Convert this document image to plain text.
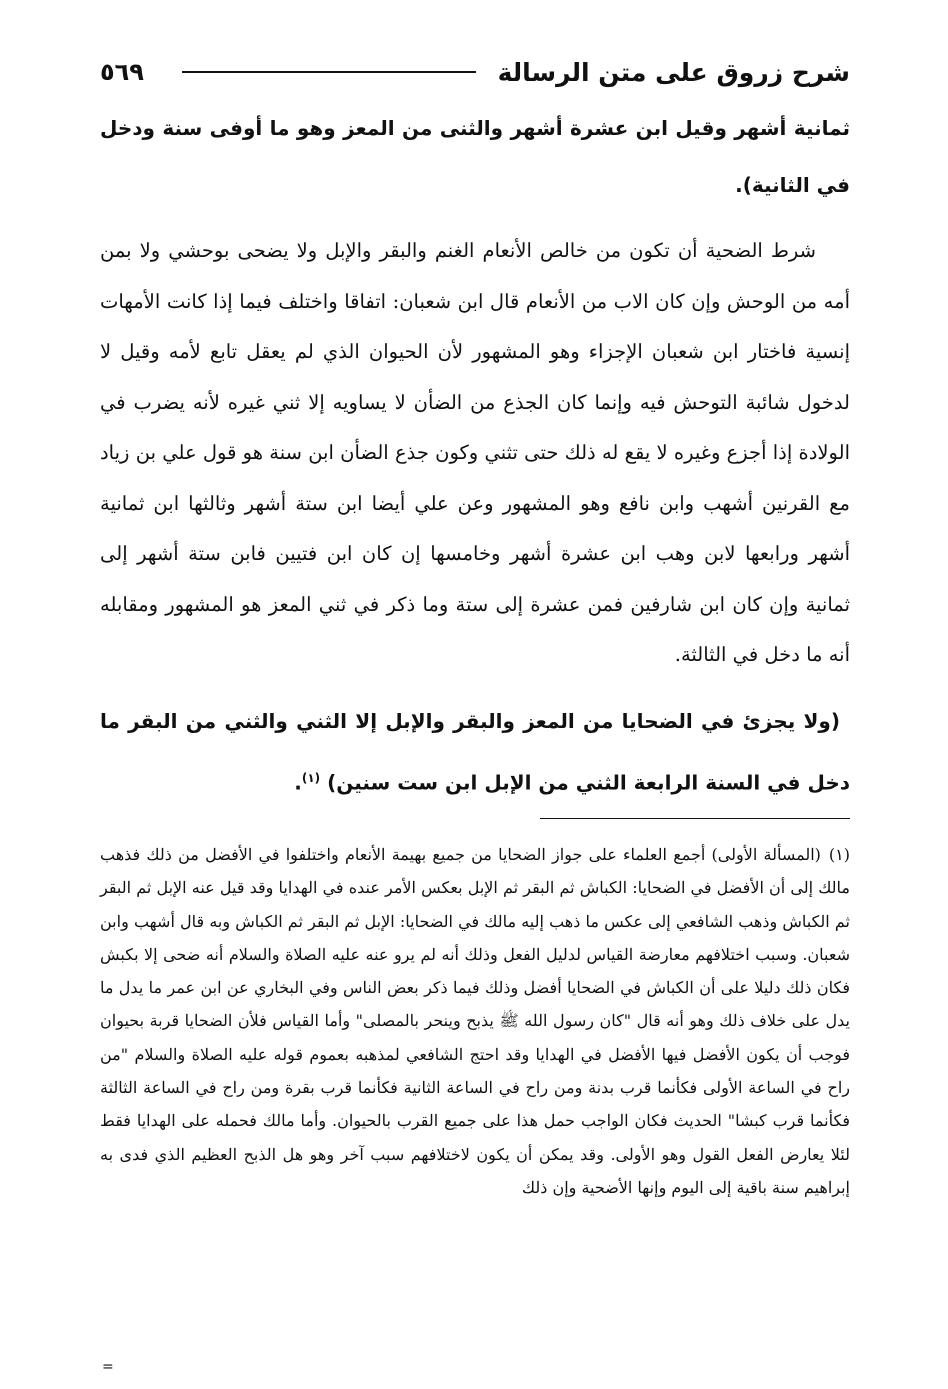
شرح زروق على متن الرسالة
٥٦٩

ثمانية أشهر وقيل ابن عشرة أشهر والثنى من المعز وهو ما أوفى سنة ودخل في الثانية).

شرط الضحية أن تكون من خالص الأنعام الغنم والبقر والإبل ولا يضحى بوحشي ولا بمن أمه من الوحش وإن كان الاب من الأنعام قال ابن شعبان: اتفاقا واختلف فيما إذا كانت الأمهات إنسية فاختار ابن شعبان الإجزاء وهو المشهور لأن الحيوان الذي لم يعقل تابع لأمه وقيل لا لدخول شائبة التوحش فيه وإنما كان الجذع من الضأن لا يساويه إلا ثني غيره لأنه يضرب في الولادة إذا أجزع وغيره لا يقع له ذلك حتى تثني وكون جذع الضأن ابن سنة هو قول علي بن زياد مع القرنين أشهب وابن نافع وهو المشهور وعن علي أيضا ابن ستة أشهر وثالثها ابن ثمانية أشهر ورابعها لابن وهب ابن عشرة أشهر وخامسها إن كان ابن فتيين فابن ستة أشهر إلى ثمانية وإن كان ابن شارفين فمن عشرة إلى ستة وما ذكر في ثني المعز هو المشهور ومقابله أنه ما دخل في الثالثة.

(ولا يجزئ في الضحايا من المعز والبقر والإبل إلا الثني والثني من البقر ما دخل في السنة الرابعة الثني من الإبل ابن ست سنين) $^{(١)}$.

(١)(المسألة الأولى) أجمع العلماء على جواز الضحايا من جميع بهيمة الأنعام واختلفوا في الأفضل من ذلك فذهب مالك إلى أن الأفضل في الضحايا: الكباش ثم البقر ثم الإبل بعكس الأمر عنده في الهدايا وقد قيل عنه الإبل ثم البقر ثم الكباش وذهب الشافعي إلى عكس ما ذهب إليه مالك في الضحايا: الإبل ثم البقر ثم الكباش وبه قال أشهب وابن شعبان. وسبب اختلافهم معارضة القياس لدليل الفعل وذلك أنه لم يرو عنه عليه الصلاة والسلام أنه ضحى إلا بكبش فكان ذلك دليلا على أن الكباش في الضحايا أفضل وذلك فيما ذكر بعض الناس وفي البخاري عن ابن عمر ما يدل ما يدل على خلاف ذلك وهو أنه قال "كان رسول الله ﷺ يذبح وينحر بالمصلى" وأما القياس فلأن الضحايا قربة بحيوان فوجب أن يكون الأفضل فيها الأفضل في الهدايا وقد احتج الشافعي لمذهبه بعموم قوله عليه الصلاة والسلام "من راح في الساعة الأولى فكأنما قرب بدنة ومن راح في الساعة الثانية فكأنما قرب بقرة ومن راح في الساعة الثالثة فكأنما قرب كبشا" الحديث فكان الواجب حمل هذا على جميع القرب بالحيوان. وأما مالك فحمله على الهدايا فقط لئلا يعارض الفعل القول وهو الأولى. وقد يمكن أن يكون لاختلافهم سبب آخر وهو هل الذبح العظيم الذي فدى به إبراهيم سنة باقية إلى اليوم وإنها الأضحية وإن ذلك
=
